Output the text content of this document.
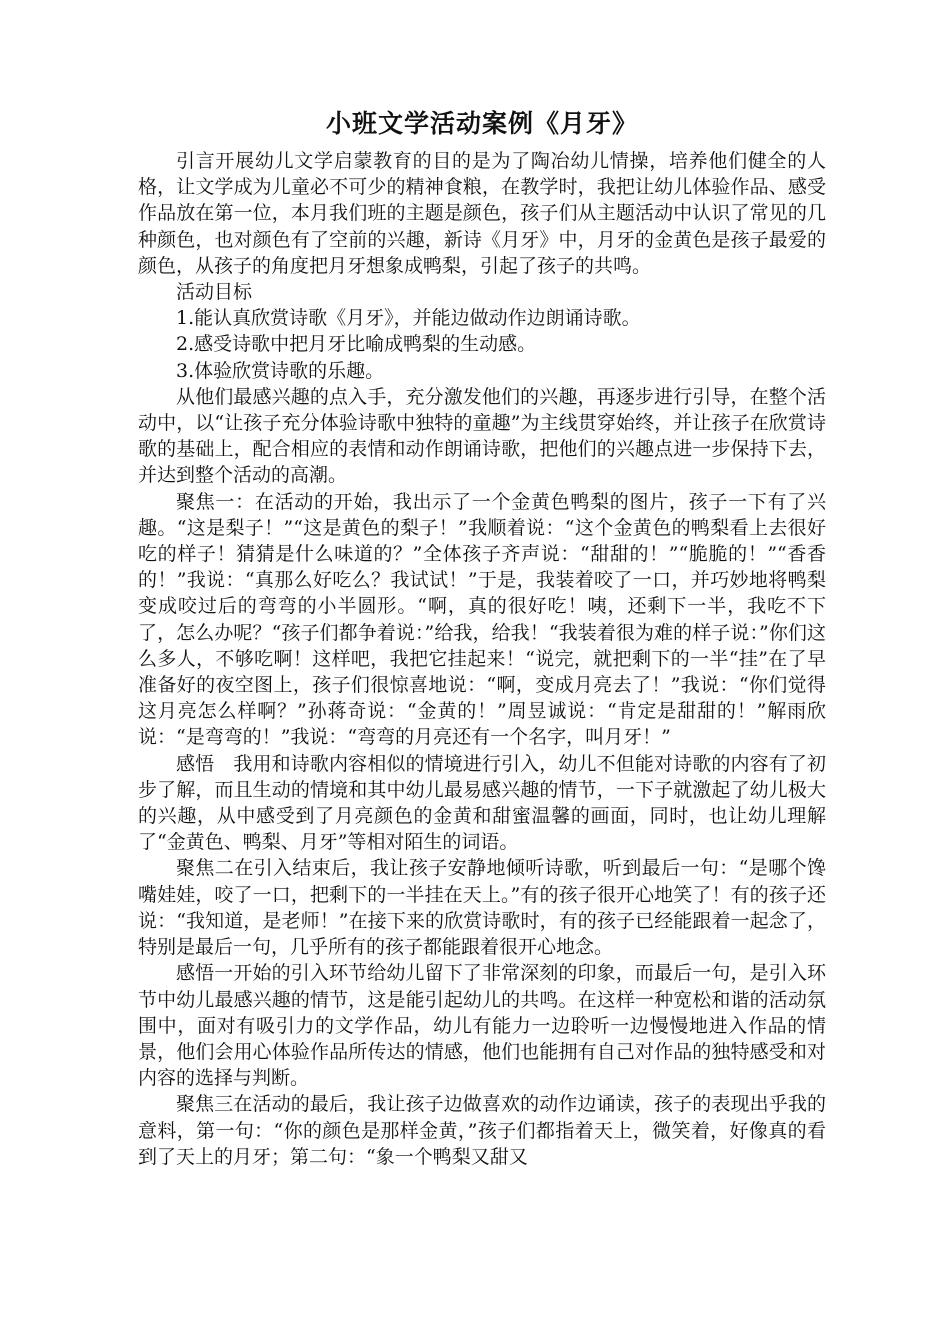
小班文学活动案例《月牙》

引言开展幼儿文学启蒙教育的目的是为了陶冶幼儿情操，培养他们健全的人格，让文学成为儿童必不可少的精神食粮，在教学时，我把让幼儿体验作品、感受作品放在第一位，本月我们班的主题是颜色，孩子们从主题活动中认识了常见的几种颜色，也对颜色有了空前的兴趣，新诗《月牙》中，月牙的金黄色是孩子最爱的颜色，从孩子的角度把月牙想象成鸭梨，引起了孩子的共鸣。

活动目标

1.能认真欣赏诗歌《月牙》，并能边做动作边朗诵诗歌。

2.感受诗歌中把月牙比喻成鸭梨的生动感。

3.体验欣赏诗歌的乐趣。

从他们最感兴趣的点入手，充分激发他们的兴趣，再逐步进行引导，在整个活动中，以“让孩子充分体验诗歌中独特的童趣”为主线贯穿始终，并让孩子在欣赏诗歌的基础上，配合相应的表情和动作朗诵诗歌，把他们的兴趣点进一步保持下去，并达到整个活动的高潮。

聚焦一：在活动的开始，我出示了一个金黄色鸭梨的图片，孩子一下有了兴趣。“这是梨子！”“这是黄色的梨子！”我顺着说：“这个金黄色的鸭梨看上去很好吃的样子！猜猜是什么味道的？”全体孩子齐声说：“甜甜的！”“脆脆的！”“香香的！”我说：“真那么好吃么？我试试！”于是，我装着咬了一口，并巧妙地将鸭梨变成咬过后的弯弯的小半圆形。“啊，真的很好吃！咦，还剩下一半，我吃不下了，怎么办呢？“孩子们都争着说：”给我，给我！“我装着很为难的样子说：”你们这么多人，不够吃啊！这样吧，我把它挂起来！“说完，就把剩下的一半“挂”在了早准备好的夜空图上，孩子们很惊喜地说：“啊，变成月亮去了！”我说：“你们觉得这月亮怎么样啊？”孙蒋奇说：“金黄的！”周昱诚说：“肯定是甜甜的！”解雨欣说：“是弯弯的！”我说：“弯弯的月亮还有一个名字，叫月牙！”

感悟　我用和诗歌内容相似的情境进行引入，幼儿不但能对诗歌的内容有了初步了解，而且生动的情境和其中幼儿最易感兴趣的情节，一下子就激起了幼儿极大的兴趣，从中感受到了月亮颜色的金黄和甜蜜温馨的画面，同时，也让幼儿理解了“金黄色、鸭梨、月牙”等相对陌生的词语。

聚焦二在引入结束后，我让孩子安静地倾听诗歌，听到最后一句：“是哪个馋嘴娃娃，咬了一口，把剩下的一半挂在天上。”有的孩子很开心地笑了！有的孩子还说：“我知道，是老师！”在接下来的欣赏诗歌时，有的孩子已经能跟着一起念了，特别是最后一句，几乎所有的孩子都能跟着很开心地念。

感悟一开始的引入环节给幼儿留下了非常深刻的印象，而最后一句，是引入环节中幼儿最感兴趣的情节，这是能引起幼儿的共鸣。在这样一种宽松和谐的活动氛围中，面对有吸引力的文学作品，幼儿有能力一边聆听一边慢慢地进入作品的情景，他们会用心体验作品所传达的情感，他们也能拥有自己对作品的独特感受和对内容的选择与判断。

聚焦三在活动的最后，我让孩子边做喜欢的动作边诵读，孩子的表现出乎我的意料，第一句：“你的颜色是那样金黄，”孩子们都指着天上，微笑着，好像真的看到了天上的月牙；第二句：“象一个鸭梨又甜又
